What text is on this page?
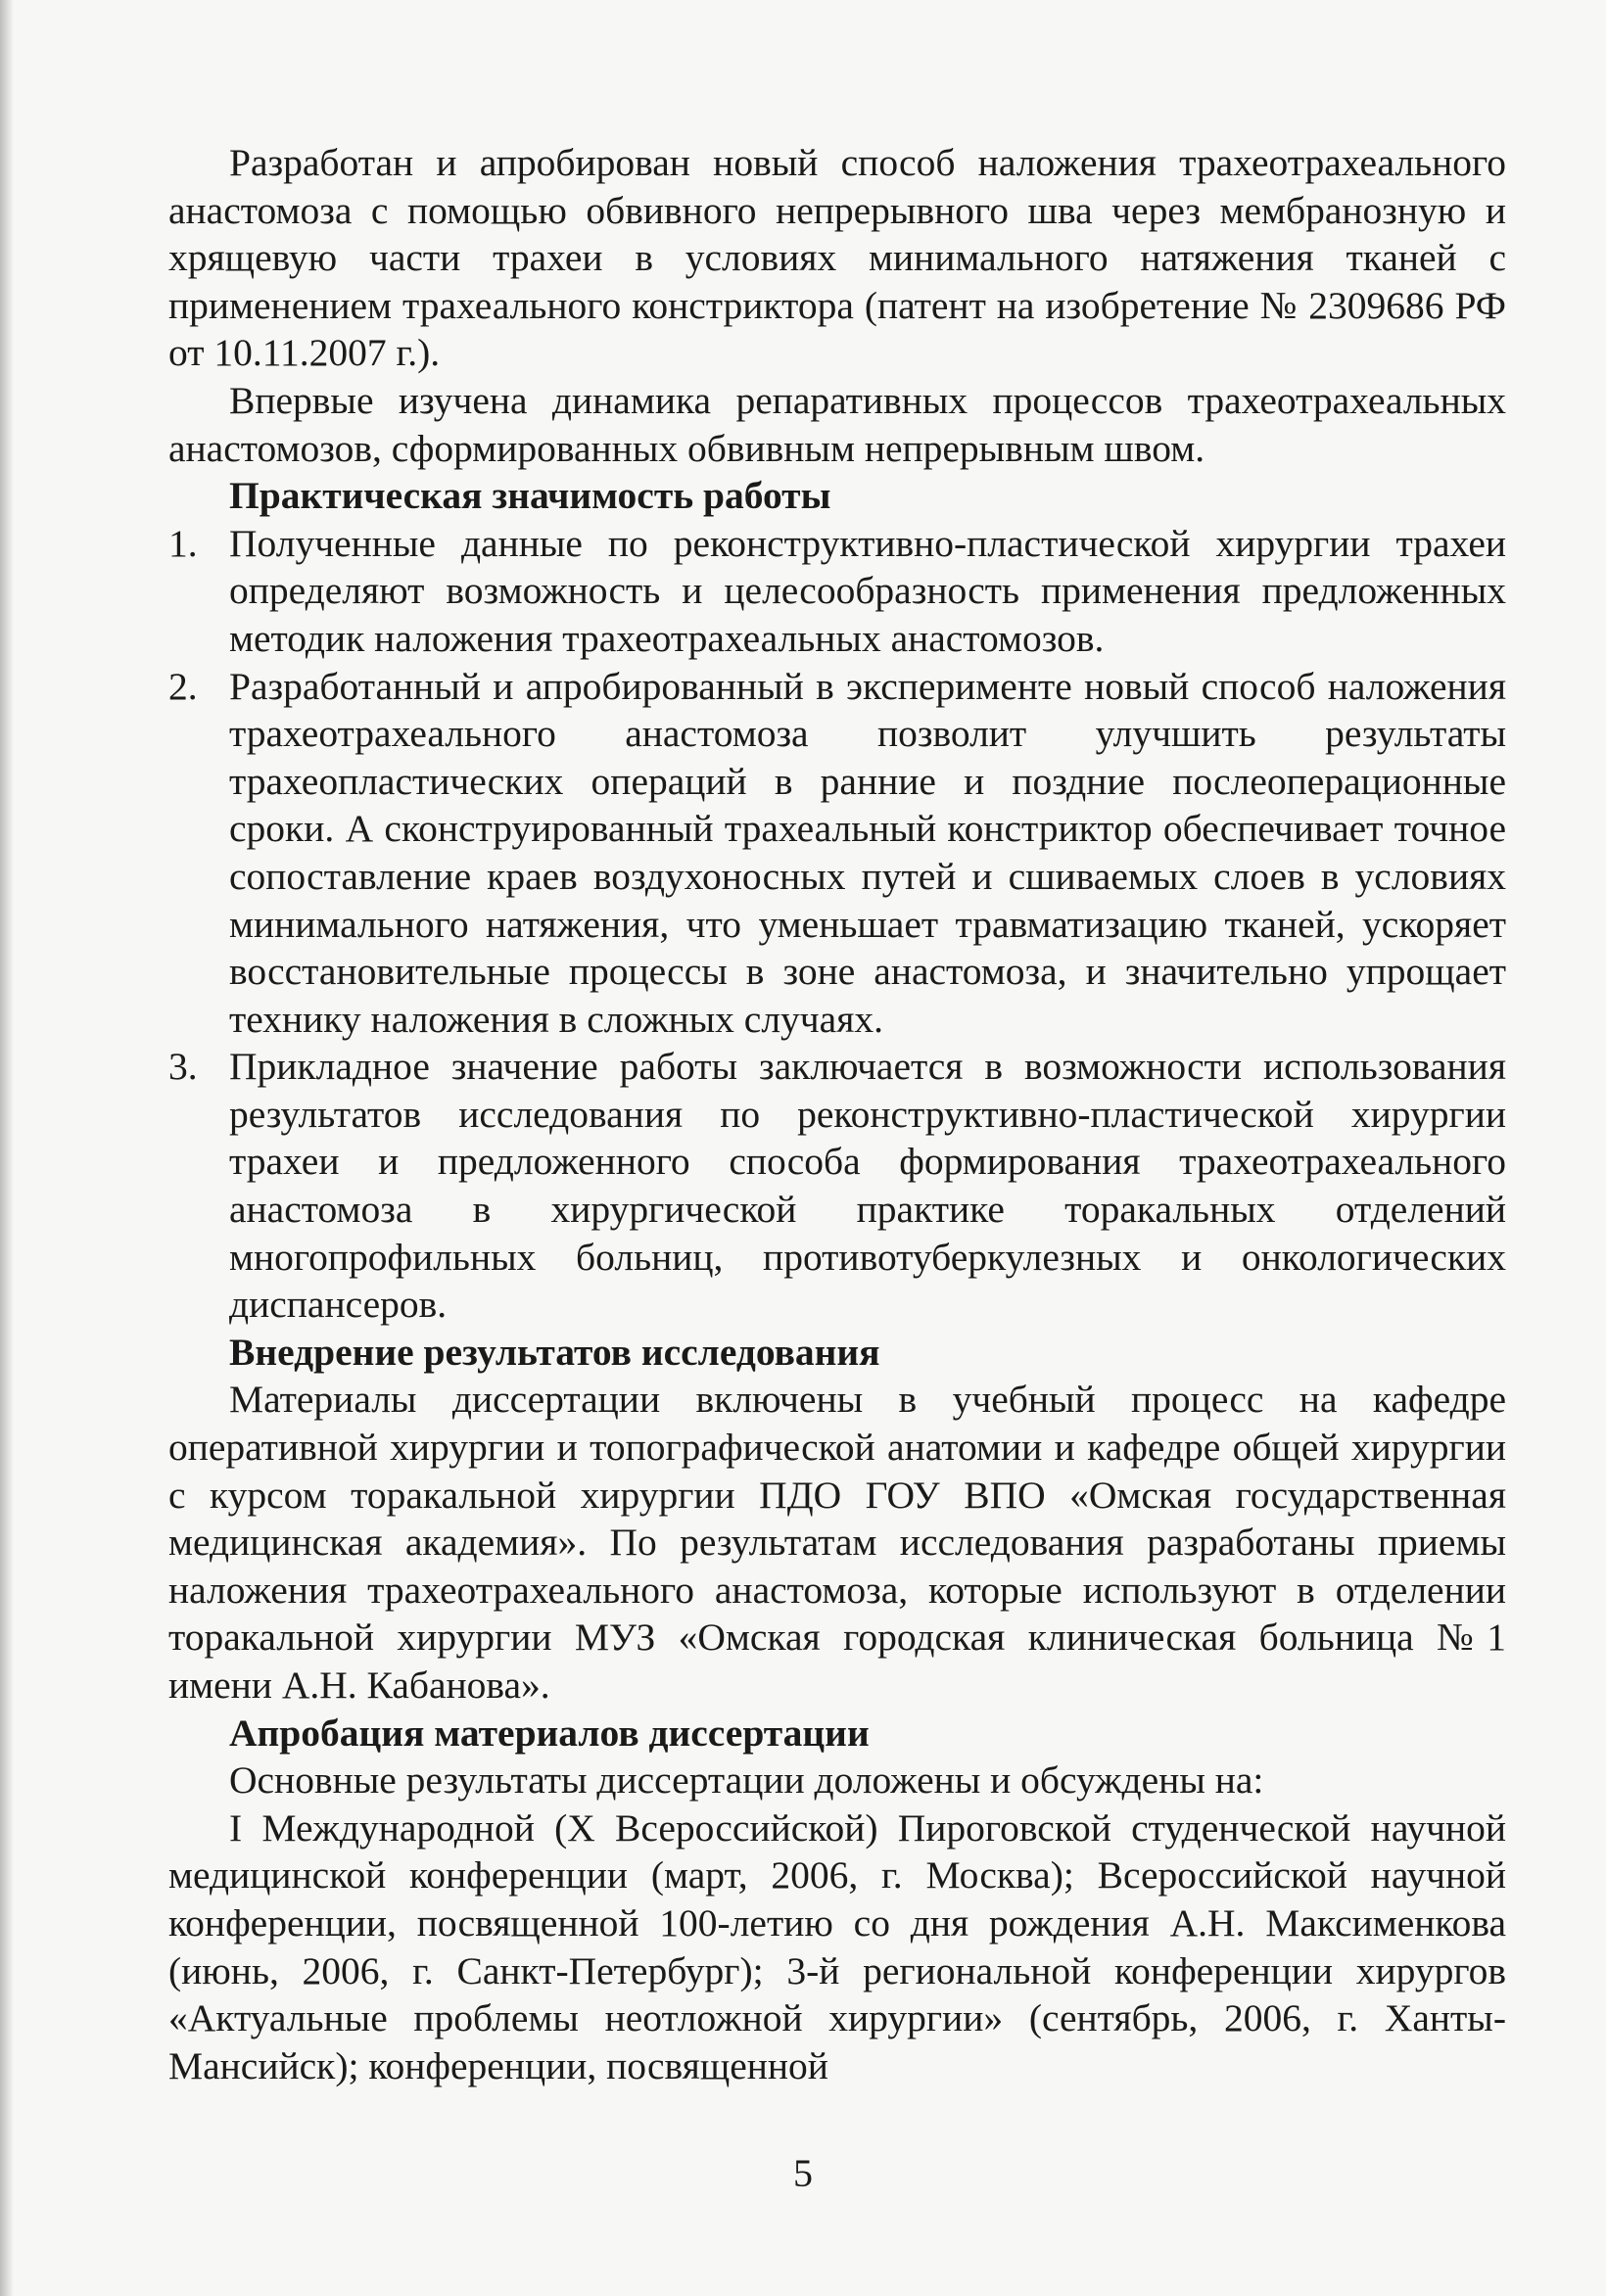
Разработан и апробирован новый способ наложения трахеотрахеального анастомоза с помощью обвивного непрерывного шва через мембранозную и хрящевую части трахеи в условиях минимального натяжения тканей с применением трахеального констриктора (патент на изобретение № 2309686 РФ от 10.11.2007 г.).

Впервые изучена динамика репаративных процессов трахеотрахеальных анастомозов, сформированных обвивным непрерывным швом.

Практическая значимость работы

1. Полученные данные по реконструктивно-пластической хирургии трахеи определяют возможность и целесообразность применения предложенных методик наложения трахеотрахеальных анастомозов.
2. Разработанный и апробированный в эксперименте новый способ наложения трахеотрахеального анастомоза позволит улучшить результаты трахеопластических операций в ранние и поздние послеоперационные сроки. А сконструированный трахеальный констриктор обеспечивает точное сопоставление краев воздухоносных путей и сшиваемых слоев в условиях минимального натяжения, что уменьшает травматизацию тканей, ускоряет восстановительные процессы в зоне анастомоза, и значительно упрощает технику наложения в сложных случаях.
3. Прикладное значение работы заключается в возможности использования результатов исследования по реконструктивно-пластической хирургии трахеи и предложенного способа формирования трахеотрахеального анастомоза в хирургической практике торакальных отделений многопрофильных больниц, противотуберкулезных и онкологических диспансеров.

Внедрение результатов исследования

Материалы диссертации включены в учебный процесс на кафедре оперативной хирургии и топографической анатомии и кафедре общей хирургии с курсом торакальной хирургии ПДО ГОУ ВПО «Омская государственная медицинская академия». По результатам исследования разработаны приемы наложения трахеотрахеального анастомоза, которые используют в отделении торакальной хирургии МУЗ «Омская городская клиническая больница №1 имени А.Н. Кабанова».

Апробация материалов диссертации

Основные результаты диссертации доложены и обсуждены на:

I Международной (X Всероссийской) Пироговской студенческой научной медицинской конференции (март, 2006, г. Москва); Всероссийской научной конференции, посвященной 100-летию со дня рождения А.Н. Максименкова (июнь, 2006, г. Санкт-Петербург); 3-й региональной конференции хирургов «Актуальные проблемы неотложной хирургии» (сентябрь, 2006, г. Ханты-Мансийск); конференции, посвященной

5
